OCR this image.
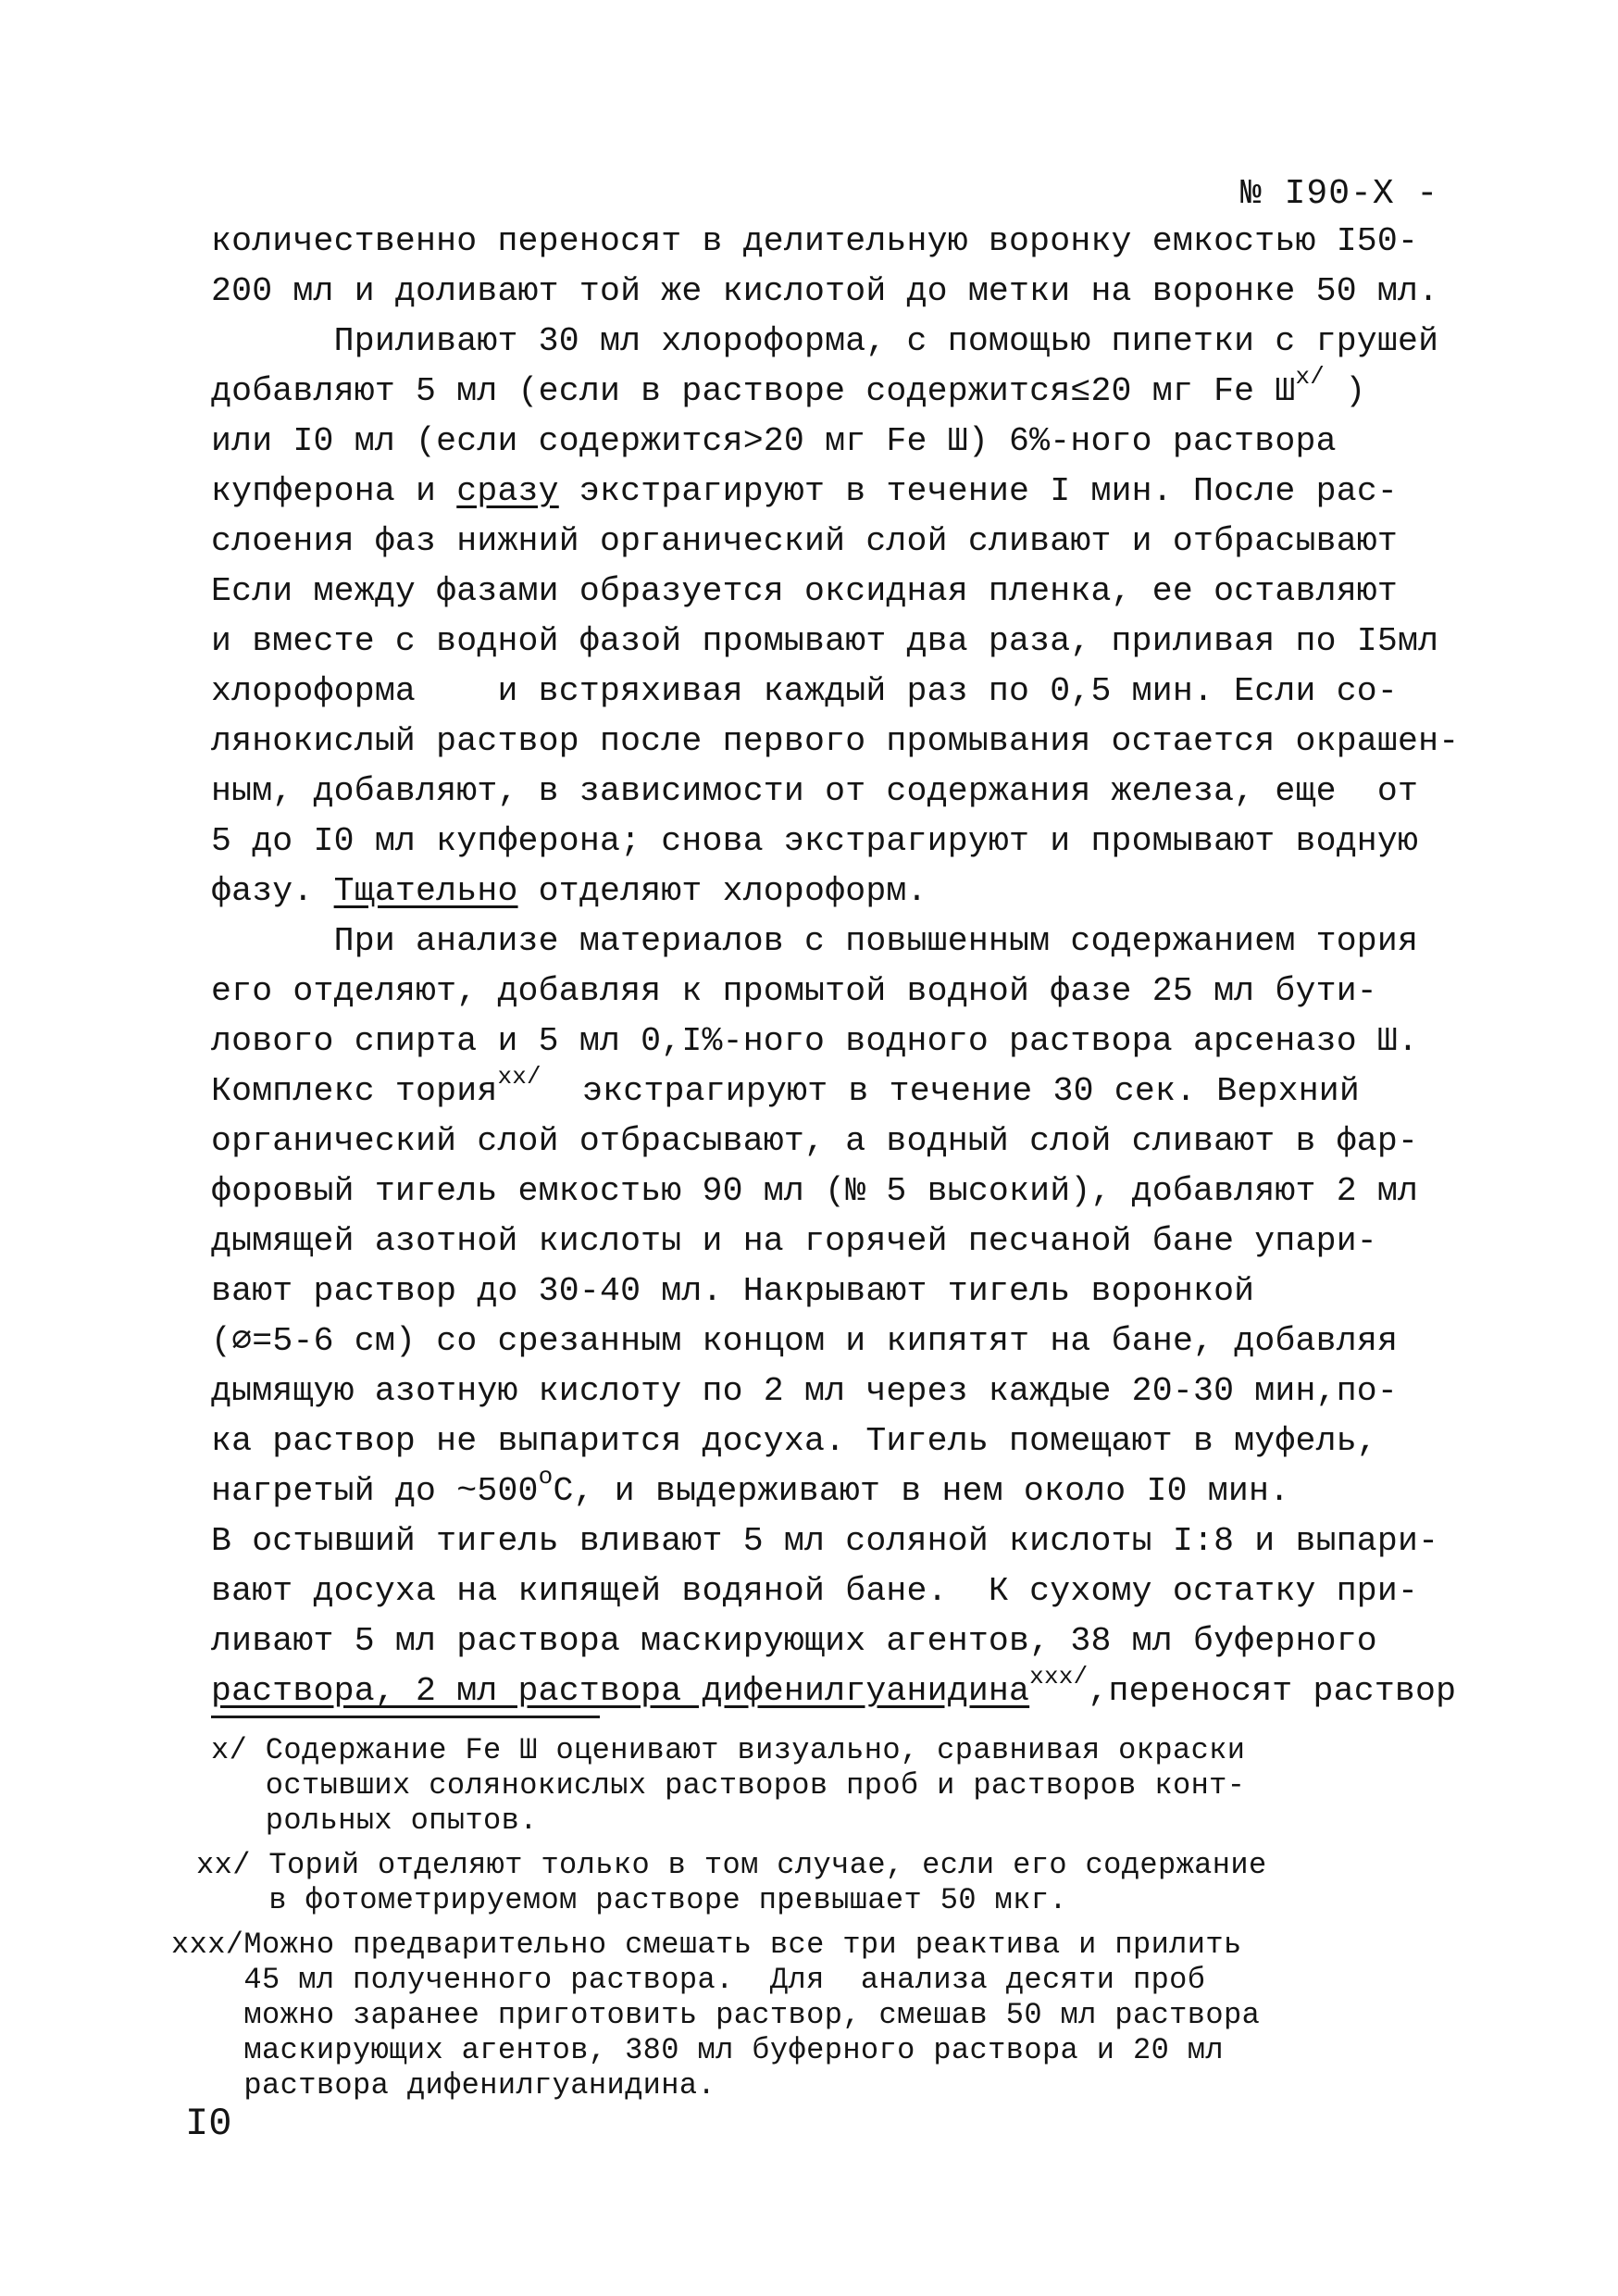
№ I90-Х -
количественно переносят в делительную воронку емкостью I50-
200 мл и доливают той же кислотой до метки на воронке 50 мл.
Приливают 30 мл хлороформа, с помощью пипетки с грушей
добавляют 5 мл (если в растворе содержится≤20 мг Fe $Ш^{х/}$ )
или I0 мл (если содержится>20 мг Fe Ш) 6%-ного раствора
купферона и сразу экстрагируют в течение I мин. После рас-
слоения фаз нижний органический слой сливают и отбрасывают
Если между фазами образуется оксидная пленка, ее оставляют
и вместе с водной фазой промывают два раза, приливая по I5мл
хлороформа    и встряхивая каждый раз по 0,5 мин. Если со-
лянокислый раствор после первого промывания остается окрашен-
ным, добавляют, в зависимости от содержания железа, еще  от
5 до I0 мл купферона; снова экстрагируют и промывают водную
фазу. Тщательно отделяют хлороформ.
При анализе материалов с повышенным содержанием тория
его отделяют, добавляя к промытой водной фазе 25 мл бути-
лового спирта и 5 мл 0,I%-ного водного раствора арсеназо Ш.
Комплекс тория$^{хх/}$  экстрагируют в течение 30 сек. Верхний
органический слой отбрасывают, а водный слой сливают в фар-
форовый тигель емкостью 90 мл (№ 5 высокий), добавляют 2 мл
дымящей азотной кислоты и на горячей песчаной бане упари-
вают раствор до 30-40 мл. Накрывают тигель воронкой
(⌀=5-6 см) со срезанным концом и кипятят на бане, добавляя
дымящую азотную кислоту по 2 мл через каждые 20-30 мин,по-
ка раствор не выпарится досуха. Тигель помещают в муфель,
нагретый до $\sim 500^оС$, и выдерживают в нем около I0 мин.
В остывший тигель вливают 5 мл соляной кислоты I:8 и выпари-
вают досуха на кипящей водяной бане.  К сухому остатку при-
ливают 5 мл раствора маскирующих агентов, 38 мл буферного
раствора, 2 мл раствора дифенилгуанидина$^{ххх/}$,переносят раствор
х/ Содержание Fe Ш оценивают визуально, сравнивая окраски
остывших солянокислых растворов проб и растворов конт-
рольных опытов.
хх/ Торий отделяют только в том случае, если его содержание
в фотометрируемом растворе превышает 50 мкг.
ххх/Можно предварительно смешать все три реактива и прилить
45 мл полученного раствора.  Для  анализа десяти проб
можно заранее приготовить раствор, смешав 50 мл раствора
маскирующих агентов, 380 мл буферного раствора и 20 мл
раствора дифенилгуанидина.
I0
